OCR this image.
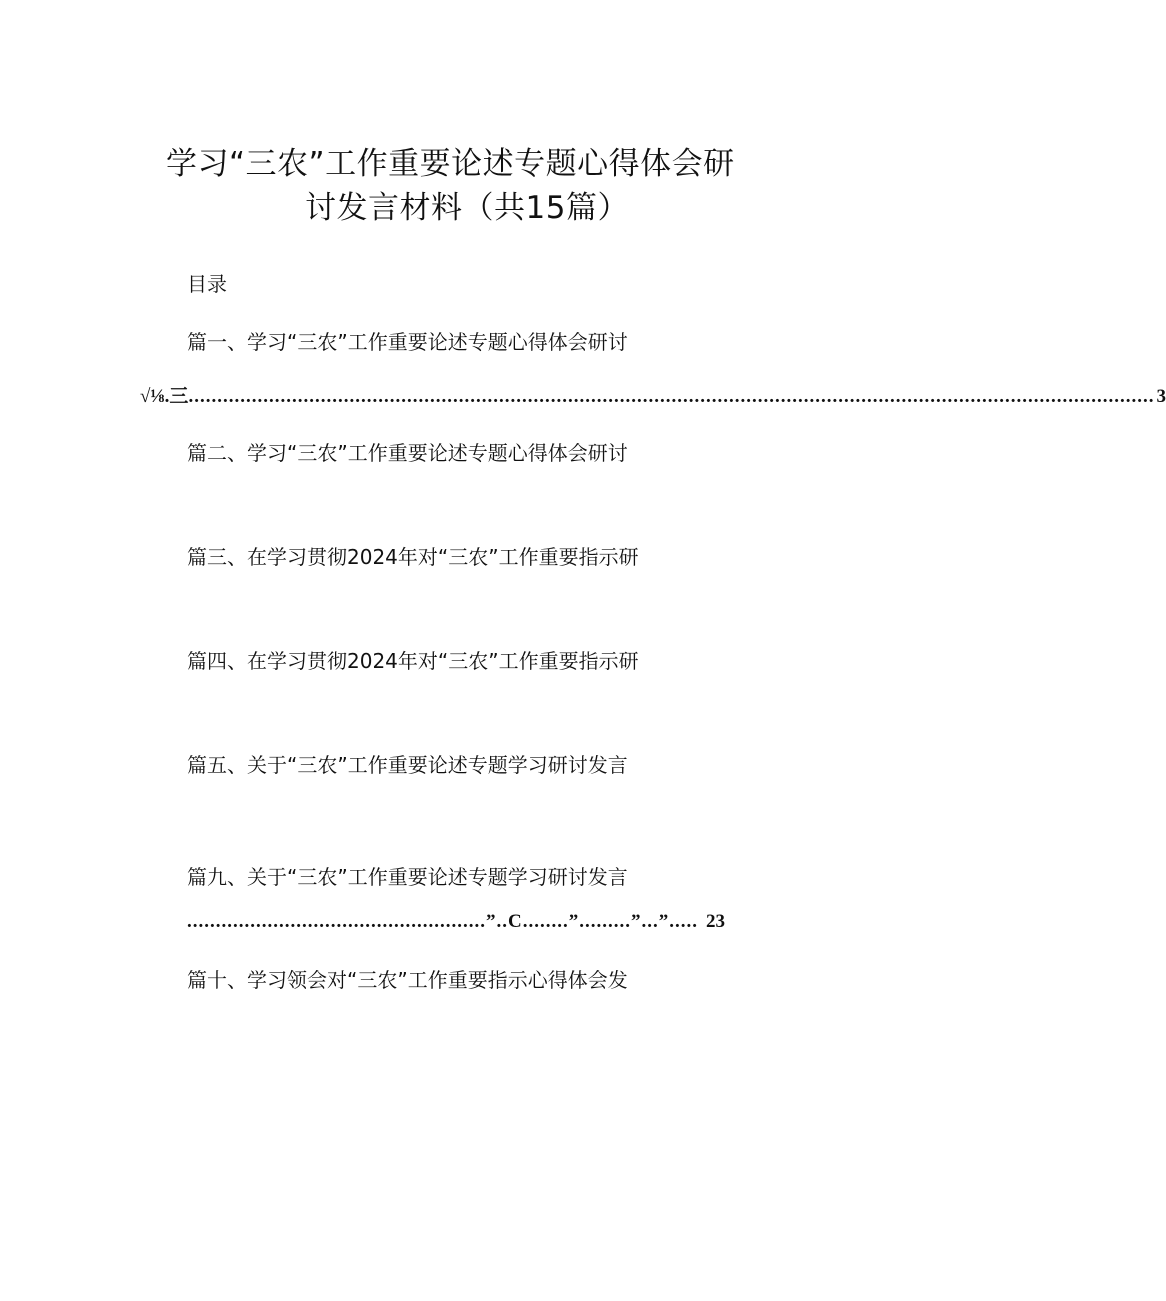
学习“三农”工作重要论述专题心得体会研
讨发言材料（共15篇）
目录
篇一、学习“三农”工作重要论述专题心得体会研讨
√⅛.三 ........................................................................................................................................................................ 3
篇二、学习“三农”工作重要论述专题心得体会研讨
篇三、在学习贯彻2024年对“三农”工作重要指示研
篇四、在学习贯彻2024年对“三农”工作重要指示研
篇五、关于“三农”工作重要论述专题学习研讨发言
篇九、关于“三农”工作重要论述专题学习研讨发言
....................................................”..C........”.........”...”..... 23
篇十、学习领会对“三农”工作重要指示心得体会发
